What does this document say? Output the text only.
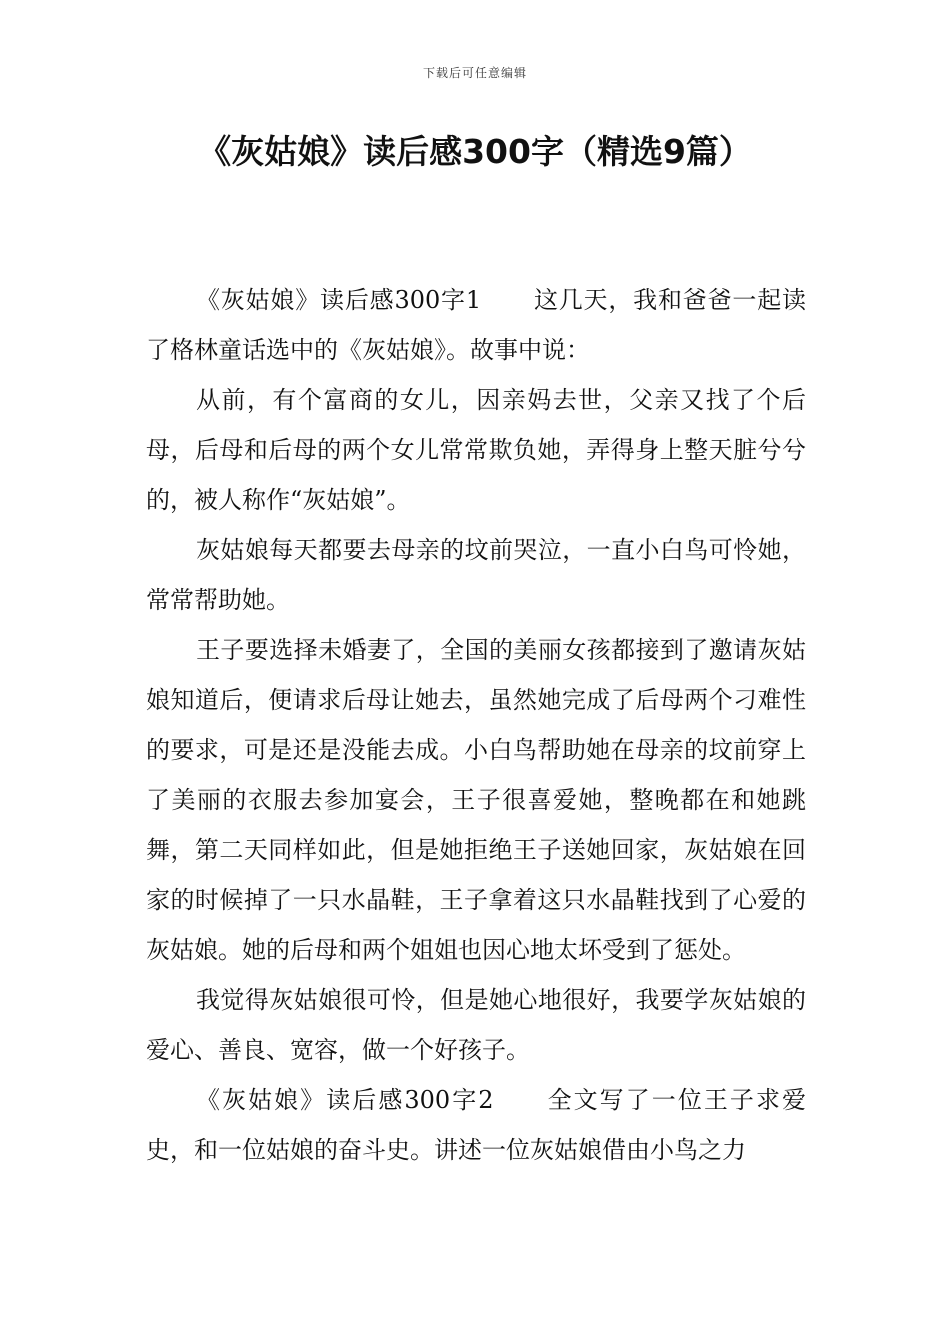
下载后可任意编辑
《灰姑娘》读后感300字（精选9篇）

《灰姑娘》读后感300字1 这几天，我和爸爸一起读了格林童话选中的《灰姑娘》。故事中说：

从前，有个富商的女儿，因亲妈去世，父亲又找了个后母，后母和后母的两个女儿常常欺负她，弄得身上整天脏兮兮的，被人称作“灰姑娘”。

灰姑娘每天都要去母亲的坟前哭泣，一直小白鸟可怜她，常常帮助她。

王子要选择未婚妻了，全国的美丽女孩都接到了邀请灰姑娘知道后，便请求后母让她去，虽然她完成了后母两个刁难性的要求，可是还是没能去成。小白鸟帮助她在母亲的坟前穿上了美丽的衣服去参加宴会，王子很喜爱她，整晚都在和她跳舞，第二天同样如此，但是她拒绝王子送她回家，灰姑娘在回家的时候掉了一只水晶鞋，王子拿着这只水晶鞋找到了心爱的灰姑娘。她的后母和两个姐姐也因心地太坏受到了惩处。

我觉得灰姑娘很可怜，但是她心地很好，我要学灰姑娘的爱心、善良、宽容，做一个好孩子。

《灰姑娘》读后感300字2 全文写了一位王子求爱史，和一位姑娘的奋斗史。讲述一位灰姑娘借由小鸟之力
